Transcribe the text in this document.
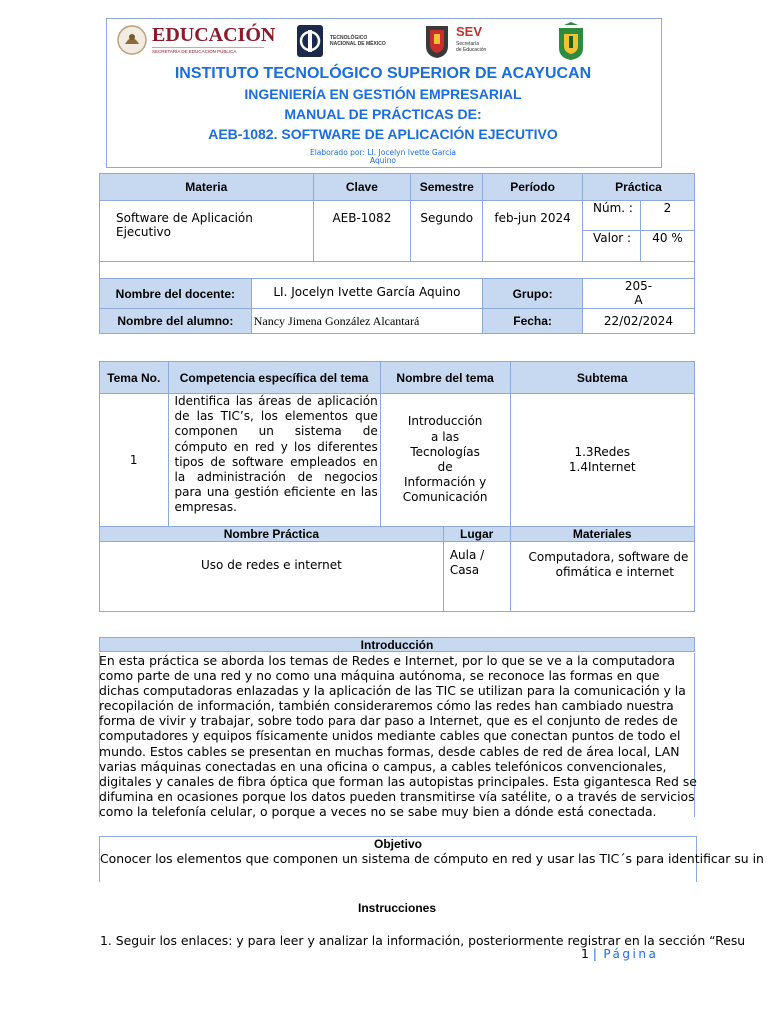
EDUCACIÓN
SECRETARÍA DE EDUCACIÓN PÚBLICA
TECNOLÓGICO
NACIONAL DE MÉXICO
SEV
Secretaría
de Educación
INSTITUTO TECNOLÓGICO SUPERIOR DE ACAYUCAN
INGENIERÍA EN GESTIÓN EMPRESARIAL
MANUAL DE PRÁCTICAS DE:
AEB-1082. SOFTWARE DE APLICACIÓN EJECUTIVO
Elaborado por: LI. Jocelyn Ivette García
Aquino
Materia		Clave	Semestre	Período	Práctica	
Software de Aplicación Ejecutivo		AEB-1082	Segundo	feb-jun 2024	Núm. :	2
					Valor :	40 %

Nombre del docente:	LI. Jocelyn Ivette García Aquino			Grupo:	205-A	
Nombre del alumno:	Nancy Jimena González Alcantará			Fecha:	22/02/2024	
Tema No.	Competencia específica del tema	Nombre del tema		Subtema
1	Identifica las áreas de aplicación de las TIC’s, los elementos que componen un sistema de cómputo en red y los diferentes tipos de software empleados en la administración de negocios para una gestión eficiente en las empresas.	Introducción a las Tecnologías de Información y Comunicación		1.3Redes
1.4Internet

Nombre Práctica			Lugar	Materiales
Uso de redes e internet			Aula / Casa	Computadora, software de
ofimática e internet
Introducción
En esta práctica se aborda los temas de Redes e Internet, por lo que se ve a la computadora como parte de una red y no como una máquina autónoma, se reconoce las formas en que dichas computadoras enlazadas y la aplicación de las TIC se utilizan para la comunicación y la recopilación de información, también consideraremos cómo las redes han cambiado nuestra forma de vivir y trabajar, sobre todo para dar paso a Internet, que es el conjunto de redes de computadores y equipos físicamente unidos mediante cables que conectan puntos de todo el mundo. Estos cables se presentan en muchas formas, desde cables de red de área local, LAN varias máquinas conectadas en una oficina o campus, a cables telefónicos convencionales, digitales y canales de fibra óptica que forman las autopistas principales. Esta gigantesca Red se difumina en ocasiones porque los datos pueden transmitirse vía satélite, o a través de servicios como la telefonía celular, o porque a veces no se sabe muy bien a dónde está conectada.
Objetivo
Conocer los elementos que componen un sistema de cómputo en red y usar las TIC´s para identificar su in
Instrucciones
1. Seguir los enlaces: y para leer y analizar la información, posteriormente registrar en la sección “Resu
1 | Página
